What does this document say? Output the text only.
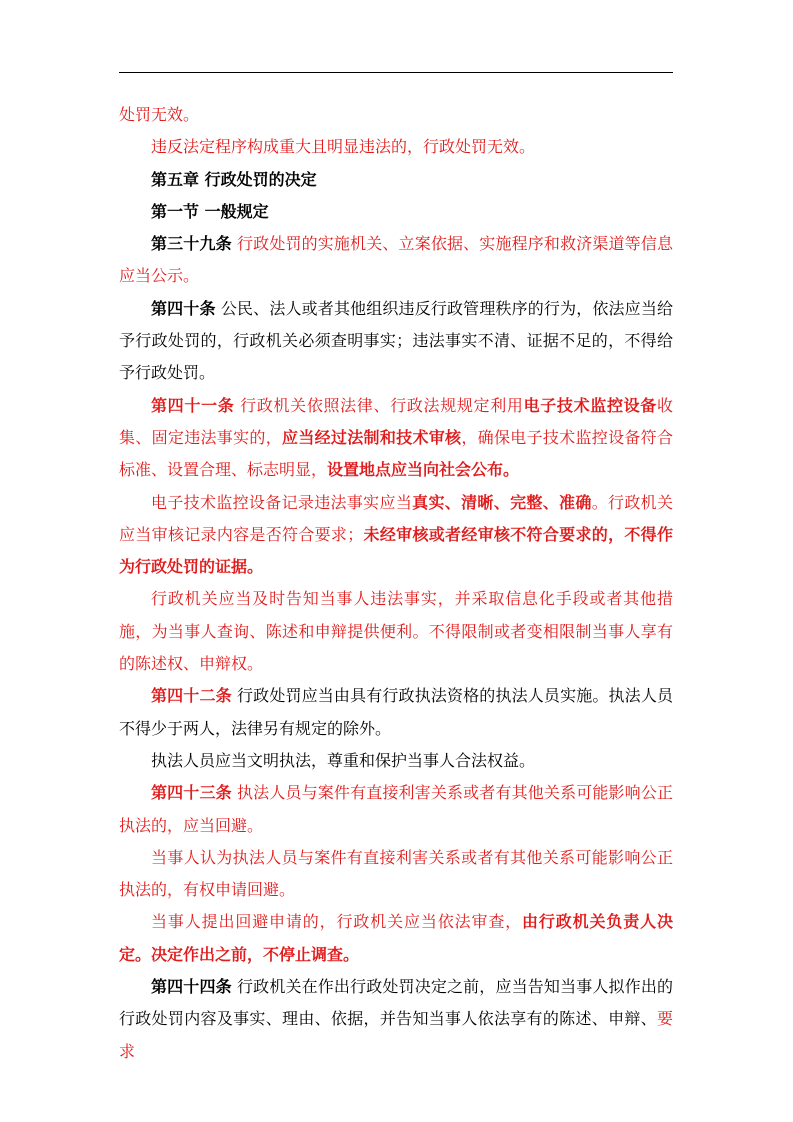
处罚无效。

违反法定程序构成重大且明显违法的，行政处罚无效。

第五章 行政处罚的决定

第一节 一般规定

第三十九条 行政处罚的实施机关、立案依据、实施程序和救济渠道等信息应当公示。

第四十条 公民、法人或者其他组织违反行政管理秩序的行为，依法应当给予行政处罚的，行政机关必须查明事实；违法事实不清、证据不足的，不得给予行政处罚。

第四十一条 行政机关依照法律、行政法规规定利用电子技术监控设备收集、固定违法事实的，应当经过法制和技术审核，确保电子技术监控设备符合标准、设置合理、标志明显，设置地点应当向社会公布。

电子技术监控设备记录违法事实应当真实、清晰、完整、准确。行政机关应当审核记录内容是否符合要求；未经审核或者经审核不符合要求的，不得作为行政处罚的证据。

行政机关应当及时告知当事人违法事实，并采取信息化手段或者其他措施，为当事人查询、陈述和申辩提供便利。不得限制或者变相限制当事人享有的陈述权、申辩权。

第四十二条 行政处罚应当由具有行政执法资格的执法人员实施。执法人员不得少于两人，法律另有规定的除外。

执法人员应当文明执法，尊重和保护当事人合法权益。

第四十三条 执法人员与案件有直接利害关系或者有其他关系可能影响公正执法的，应当回避。

当事人认为执法人员与案件有直接利害关系或者有其他关系可能影响公正执法的，有权申请回避。

当事人提出回避申请的，行政机关应当依法审查，由行政机关负责人决定。决定作出之前，不停止调查。

第四十四条 行政机关在作出行政处罚决定之前，应当告知当事人拟作出的行政处罚内容及事实、理由、依据，并告知当事人依法享有的陈述、申辩、要求
